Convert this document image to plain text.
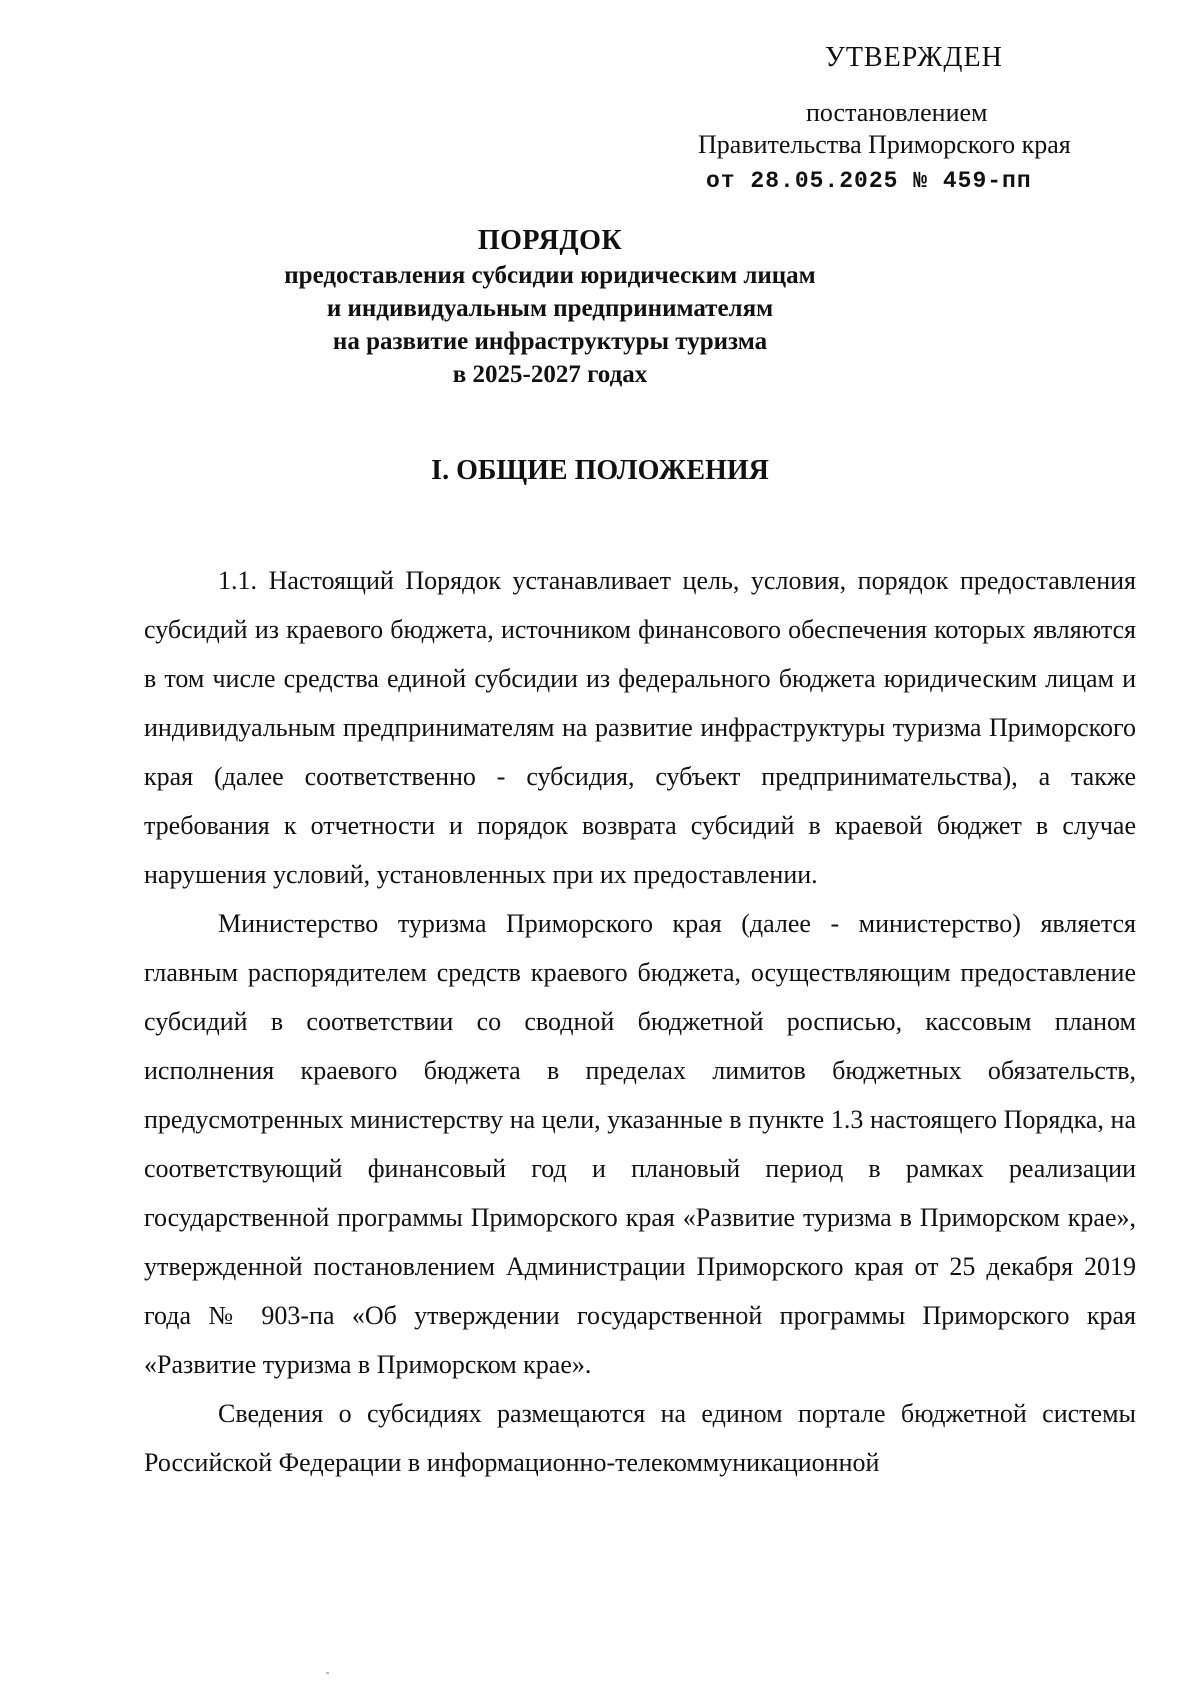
УТВЕРЖДЕН
постановлением
Правительства Приморского края
от 28.05.2025 № 459-пп
ПОРЯДОК
предоставления субсидии юридическим лицам
и индивидуальным предпринимателям
на развитие инфраструктуры туризма
в 2025-2027 годах
I. ОБЩИЕ ПОЛОЖЕНИЯ

1.1. Настоящий Порядок устанавливает цель, условия, порядок предоставления субсидий из краевого бюджета, источником финансового обеспечения которых являются в том числе средства единой субсидии из федерального бюджета юридическим лицам и индивидуальным предпринимателям на развитие инфраструктуры туризма Приморского края (далее соответственно - субсидия, субъект предпринимательства), а также требования к отчетности и порядок возврата субсидий в краевой бюджет в случае нарушения условий, установленных при их предоставлении.

Министерство туризма Приморского края (далее - министерство) является главным распорядителем средств краевого бюджета, осуществляющим предоставление субсидий в соответствии со сводной бюджетной росписью, кассовым планом исполнения краевого бюджета в пределах лимитов бюджетных обязательств, предусмотренных министерству на цели, указанные в пункте 1.3 настоящего Порядка, на соответствующий финансовый год и плановый период в рамках реализации государственной программы Приморского края «Развитие туризма в Приморском крае», утвержденной постановлением Администрации Приморского края от 25 декабря 2019 года № 903-па «Об утверждении государственной программы Приморского края «Развитие туризма в Приморском крае».

Сведения о субсидиях размещаются на едином портале бюджетной системы Российской Федерации в информационно-телекоммуникационной
